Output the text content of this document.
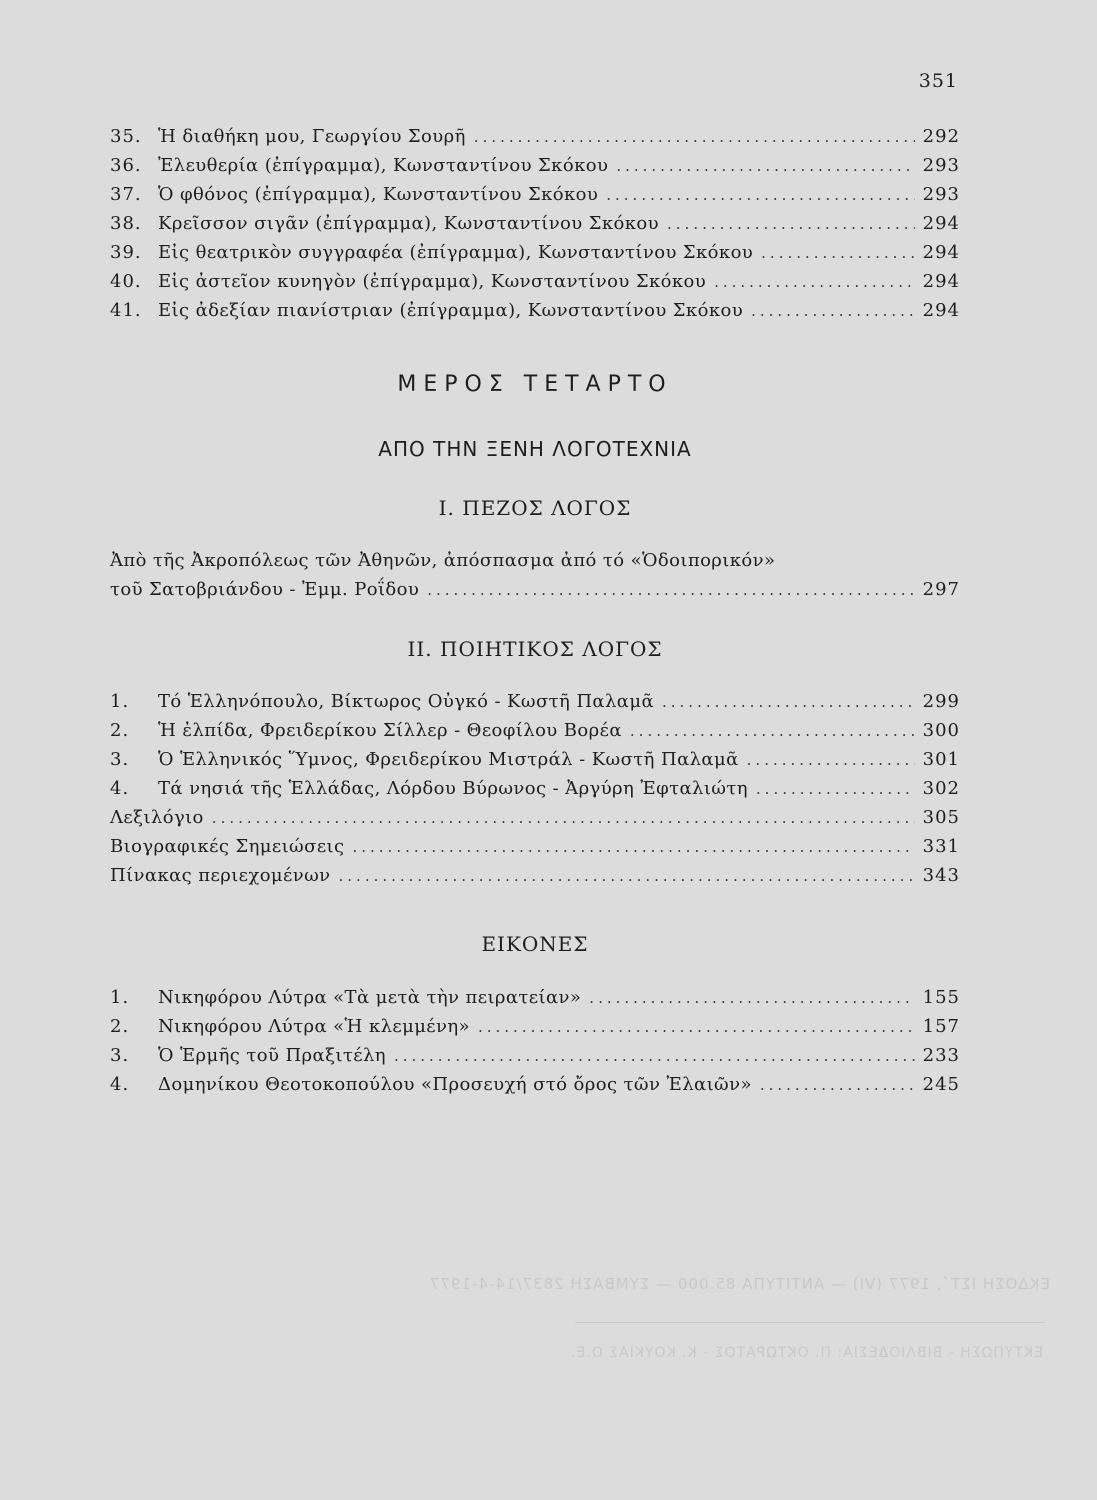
351
35. Ἡ διαθήκη μου, Γεωργίου Σουρῆ .....	292
36. Ἐλευθερία (ἐπίγραμμα), Κωνσταντίνου Σκόκου .....	293
37. Ὁ φθόνος (ἐπίγραμμα), Κωνσταντίνου Σκόκου .....	293
38. Κρεῖσσον σιγᾶν (ἐπίγραμμα), Κωνσταντίνου Σκόκου .....	294
39. Εἰς θεατρικὸν συγγραφέα (ἐπίγραμμα), Κωνσταντίνου Σκόκου .....	294
40. Εἰς ἀστεῖον κυνηγὸν (ἐπίγραμμα), Κωνσταντίνου Σκόκου .....	294
41. Εἰς ἀδεξίαν πιανίστριαν (ἐπίγραμμα), Κωνσταντίνου Σκόκου .....	294
ΜΕΡΟΣ ΤΕΤΑΡΤΟ
ΑΠΟ ΤΗΝ ΞΕΝΗ ΛΟΓΟΤΕΧΝΙΑ
I. ΠΕΖΟΣ ΛΟΓΟΣ
Ἀπὸ τῆς Ἀκροπόλεως τῶν Ἀθηνῶν, ἀπόσπασμα ἀπό τό «Ὁδοιπορικόν»
τοῦ Σατοβριάνδου - Ἐμμ. Ροΐδου .....	297
II. ΠΟΙΗΤΙΚΟΣ ΛΟΓΟΣ
1.	Τό Ἑλληνόπουλο, Βίκτωρος Οὐγκό - Κωστῆ Παλαμᾶ .....	299
2.	Ἡ ἐλπίδα, Φρειδερίκου Σίλλερ - Θεοφίλου Βορέα .....	300
3.	Ὁ Ἑλληνικός Ὕμνος, Φρειδερίκου Μιστράλ - Κωστῆ Παλαμᾶ .....	301
4.	Τά νησιά τῆς Ἑλλάδας, Λόρδου Βύρωνος - Ἀργύρη Ἐφταλιώτη .....	302
Λεξιλόγιο .....	305
Βιογραφικές Σημειώσεις .....	331
Πίνακας περιεχομένων .....	343
ΕΙΚΟΝΕΣ
1.	Νικηφόρου Λύτρα «Τὰ μετὰ τὴν πειρατείαν» .....	155
2.	Νικηφόρου Λύτρα «Ἡ κλεμμένη» .....	157
3.	Ὁ Ἑρμῆς τοῦ Πραξιτέλη .....	233
4.	Δομηνίκου Θεοτοκοπούλου «Προσευχή στό ὄρος τῶν Ἐλαιῶν» .....	245
ΕΚΔΟΣΗ ΙΣΤ΄, 1977 (VI) — ΑΝΤΙΤΥΠΑ 85.000 — ΣΥΜΒΑΣΗ 2837/14-4-1977
ΕΚΤΥΠΩΣΗ - ΒΙΒΛΙΟΔΕΣΙΑ: Π. ΟΚΤΩΡΑΤΟΣ - Κ. ΚΟΥΚΙΑΣ Ο.Ε.
